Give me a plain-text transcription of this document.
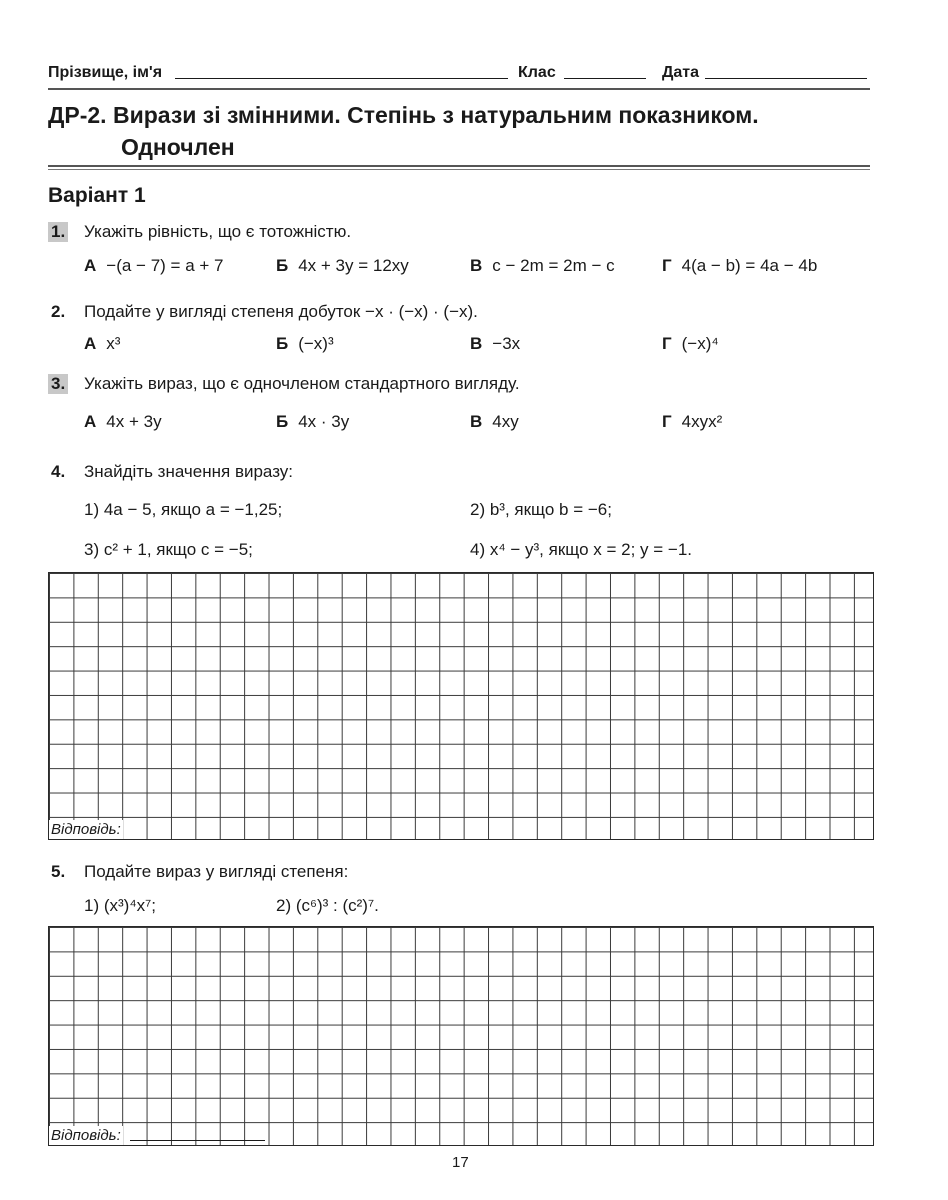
Прізвище, ім'я	Клас	Дата
ДР-2. Вирази зі змінними. Степінь з натуральним показником.
Одночлен
Варіант 1
1. Укажіть рівність, що є тотожністю.
А −(a − 7) = a + 7	Б 4x + 3y = 12xy	В c − 2m = 2m − c	Г 4(a − b) = 4a − 4b
2. Подайте у вигляді степеня добуток −x · (−x) · (−x).
А x³	Б (−x)³	В −3x	Г (−x)⁴
3. Укажіть вираз, що є одночленом стандартного вигляду.
А 4x + 3y	Б 4x · 3y	В 4xy	Г 4xyx²
4. Знайдіть значення виразу:
1) 4a − 5, якщо a = −1,25;	2) b³, якщо b = −6;
3) c² + 1, якщо c = −5;	4) x⁴ − y³, якщо x = 2; y = −1.
Відповідь:
5. Подайте вираз у вигляді степеня:
1) (x³)⁴x⁷;	2) (c⁶)³ : (c²)⁷.
Відповідь:
17
